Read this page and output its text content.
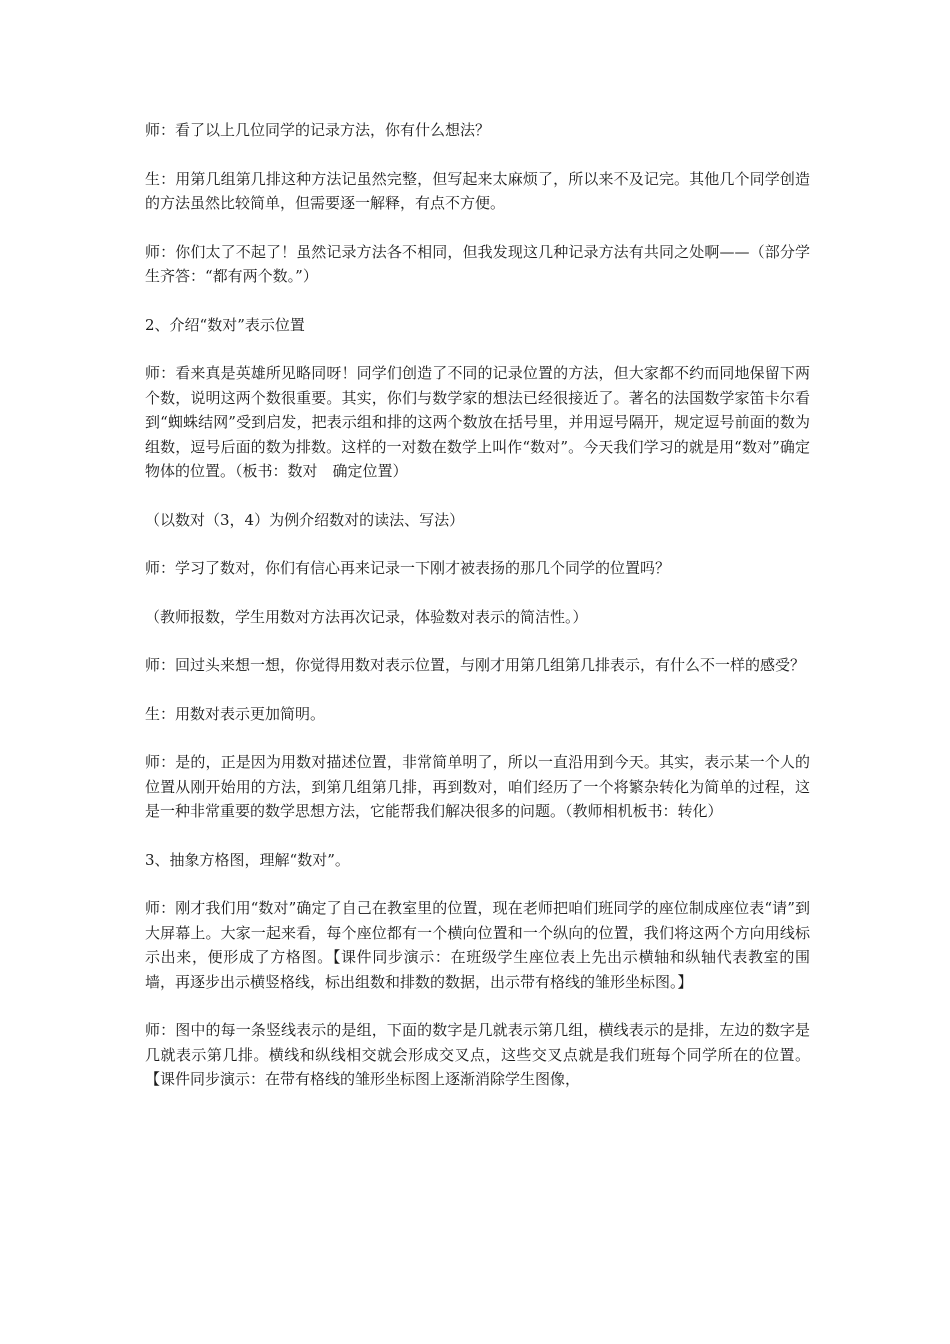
师：看了以上几位同学的记录方法，你有什么想法？

生：用第几组第几排这种方法记虽然完整，但写起来太麻烦了，所以来不及记完。其他几个同学创造的方法虽然比较简单，但需要逐一解释，有点不方便。

师：你们太了不起了！虽然记录方法各不相同，但我发现这几种记录方法有共同之处啊——（部分学生齐答：“都有两个数。”）

2、介绍“数对”表示位置

师：看来真是英雄所见略同呀！同学们创造了不同的记录位置的方法，但大家都不约而同地保留下两个数，说明这两个数很重要。其实，你们与数学家的想法已经很接近了。著名的法国数学家笛卡尔看到“蜘蛛结网”受到启发，把表示组和排的这两个数放在括号里，并用逗号隔开，规定逗号前面的数为组数，逗号后面的数为排数。这样的一对数在数学上叫作“数对”。今天我们学习的就是用“数对”确定物体的位置。（板书：数对　确定位置）

（以数对（3，4）为例介绍数对的读法、写法）

师：学习了数对，你们有信心再来记录一下刚才被表扬的那几个同学的位置吗？

（教师报数，学生用数对方法再次记录，体验数对表示的简洁性。）

师：回过头来想一想，你觉得用数对表示位置，与刚才用第几组第几排表示，有什么不一样的感受？

生：用数对表示更加简明。

师：是的，正是因为用数对描述位置，非常简单明了，所以一直沿用到今天。其实，表示某一个人的位置从刚开始用的方法，到第几组第几排，再到数对，咱们经历了一个将繁杂转化为简单的过程，这是一种非常重要的数学思想方法，它能帮我们解决很多的问题。（教师相机板书：转化）

3、抽象方格图，理解“数对”。

师：刚才我们用“数对”确定了自己在教室里的位置，现在老师把咱们班同学的座位制成座位表“请”到大屏幕上。大家一起来看，每个座位都有一个横向位置和一个纵向的位置，我们将这两个方向用线标示出来，便形成了方格图。【课件同步演示：在班级学生座位表上先出示横轴和纵轴代表教室的围墙，再逐步出示横竖格线，标出组数和排数的数据，出示带有格线的雏形坐标图。】

师：图中的每一条竖线表示的是组，下面的数字是几就表示第几组，横线表示的是排，左边的数字是几就表示第几排。横线和纵线相交就会形成交叉点，这些交叉点就是我们班每个同学所在的位置。【课件同步演示：在带有格线的雏形坐标图上逐渐消除学生图像，
